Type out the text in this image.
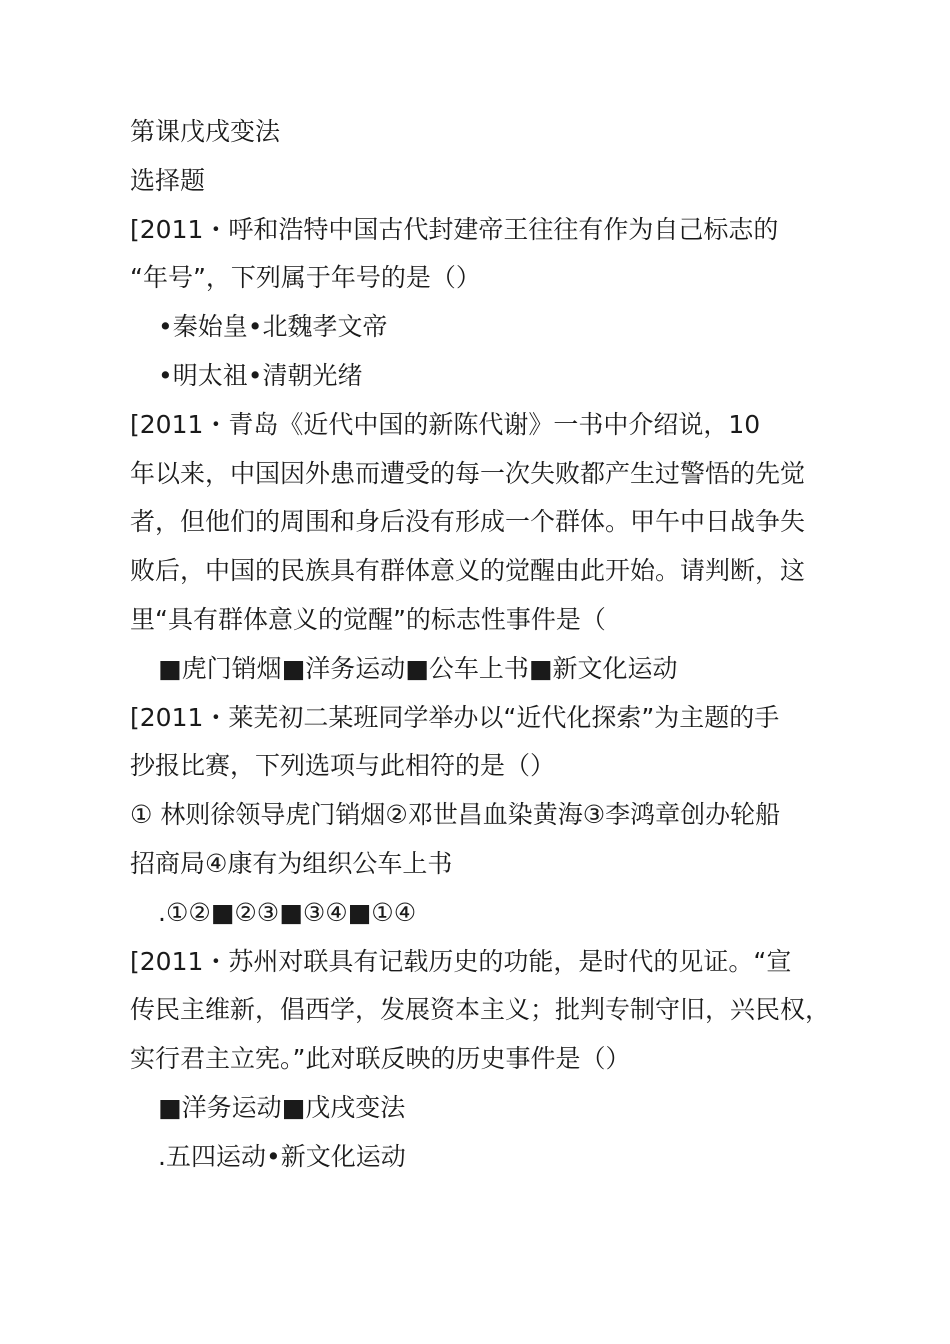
第课戊戌变法
选择题
[2011・呼和浩特中国古代封建帝王往往有作为自己标志的
“年号”，下列属于年号的是（）
•秦始皇•北魏孝文帝
•明太祖•清朝光绪
[2011・青岛《近代中国的新陈代谢》一书中介绍说，10
年以来，中国因外患而遭受的每一次失败都产生过警悟的先觉
者，但他们的周围和身后没有形成一个群体。甲午中日战争失
败后，中国的民族具有群体意义的觉醒由此开始。请判断，这
里“具有群体意义的觉醒”的标志性事件是（
■虎门销烟■洋务运动■公车上书■新文化运动
[2011・莱芜初二某班同学举办以“近代化探索”为主题的手
抄报比赛，下列选项与此相符的是（）
① 林则徐领导虎门销烟②邓世昌血染黄海③李鸿章创办轮船
招商局④康有为组织公车上书
.①②■②③■③④■①④
[2011・苏州对联具有记载历史的功能，是时代的见证。“宣
传民主维新，倡西学，发展资本主义；批判专制守旧，兴民权，
实行君主立宪。”此对联反映的历史事件是（）
■洋务运动■戊戌变法
.五四运动•新文化运动
